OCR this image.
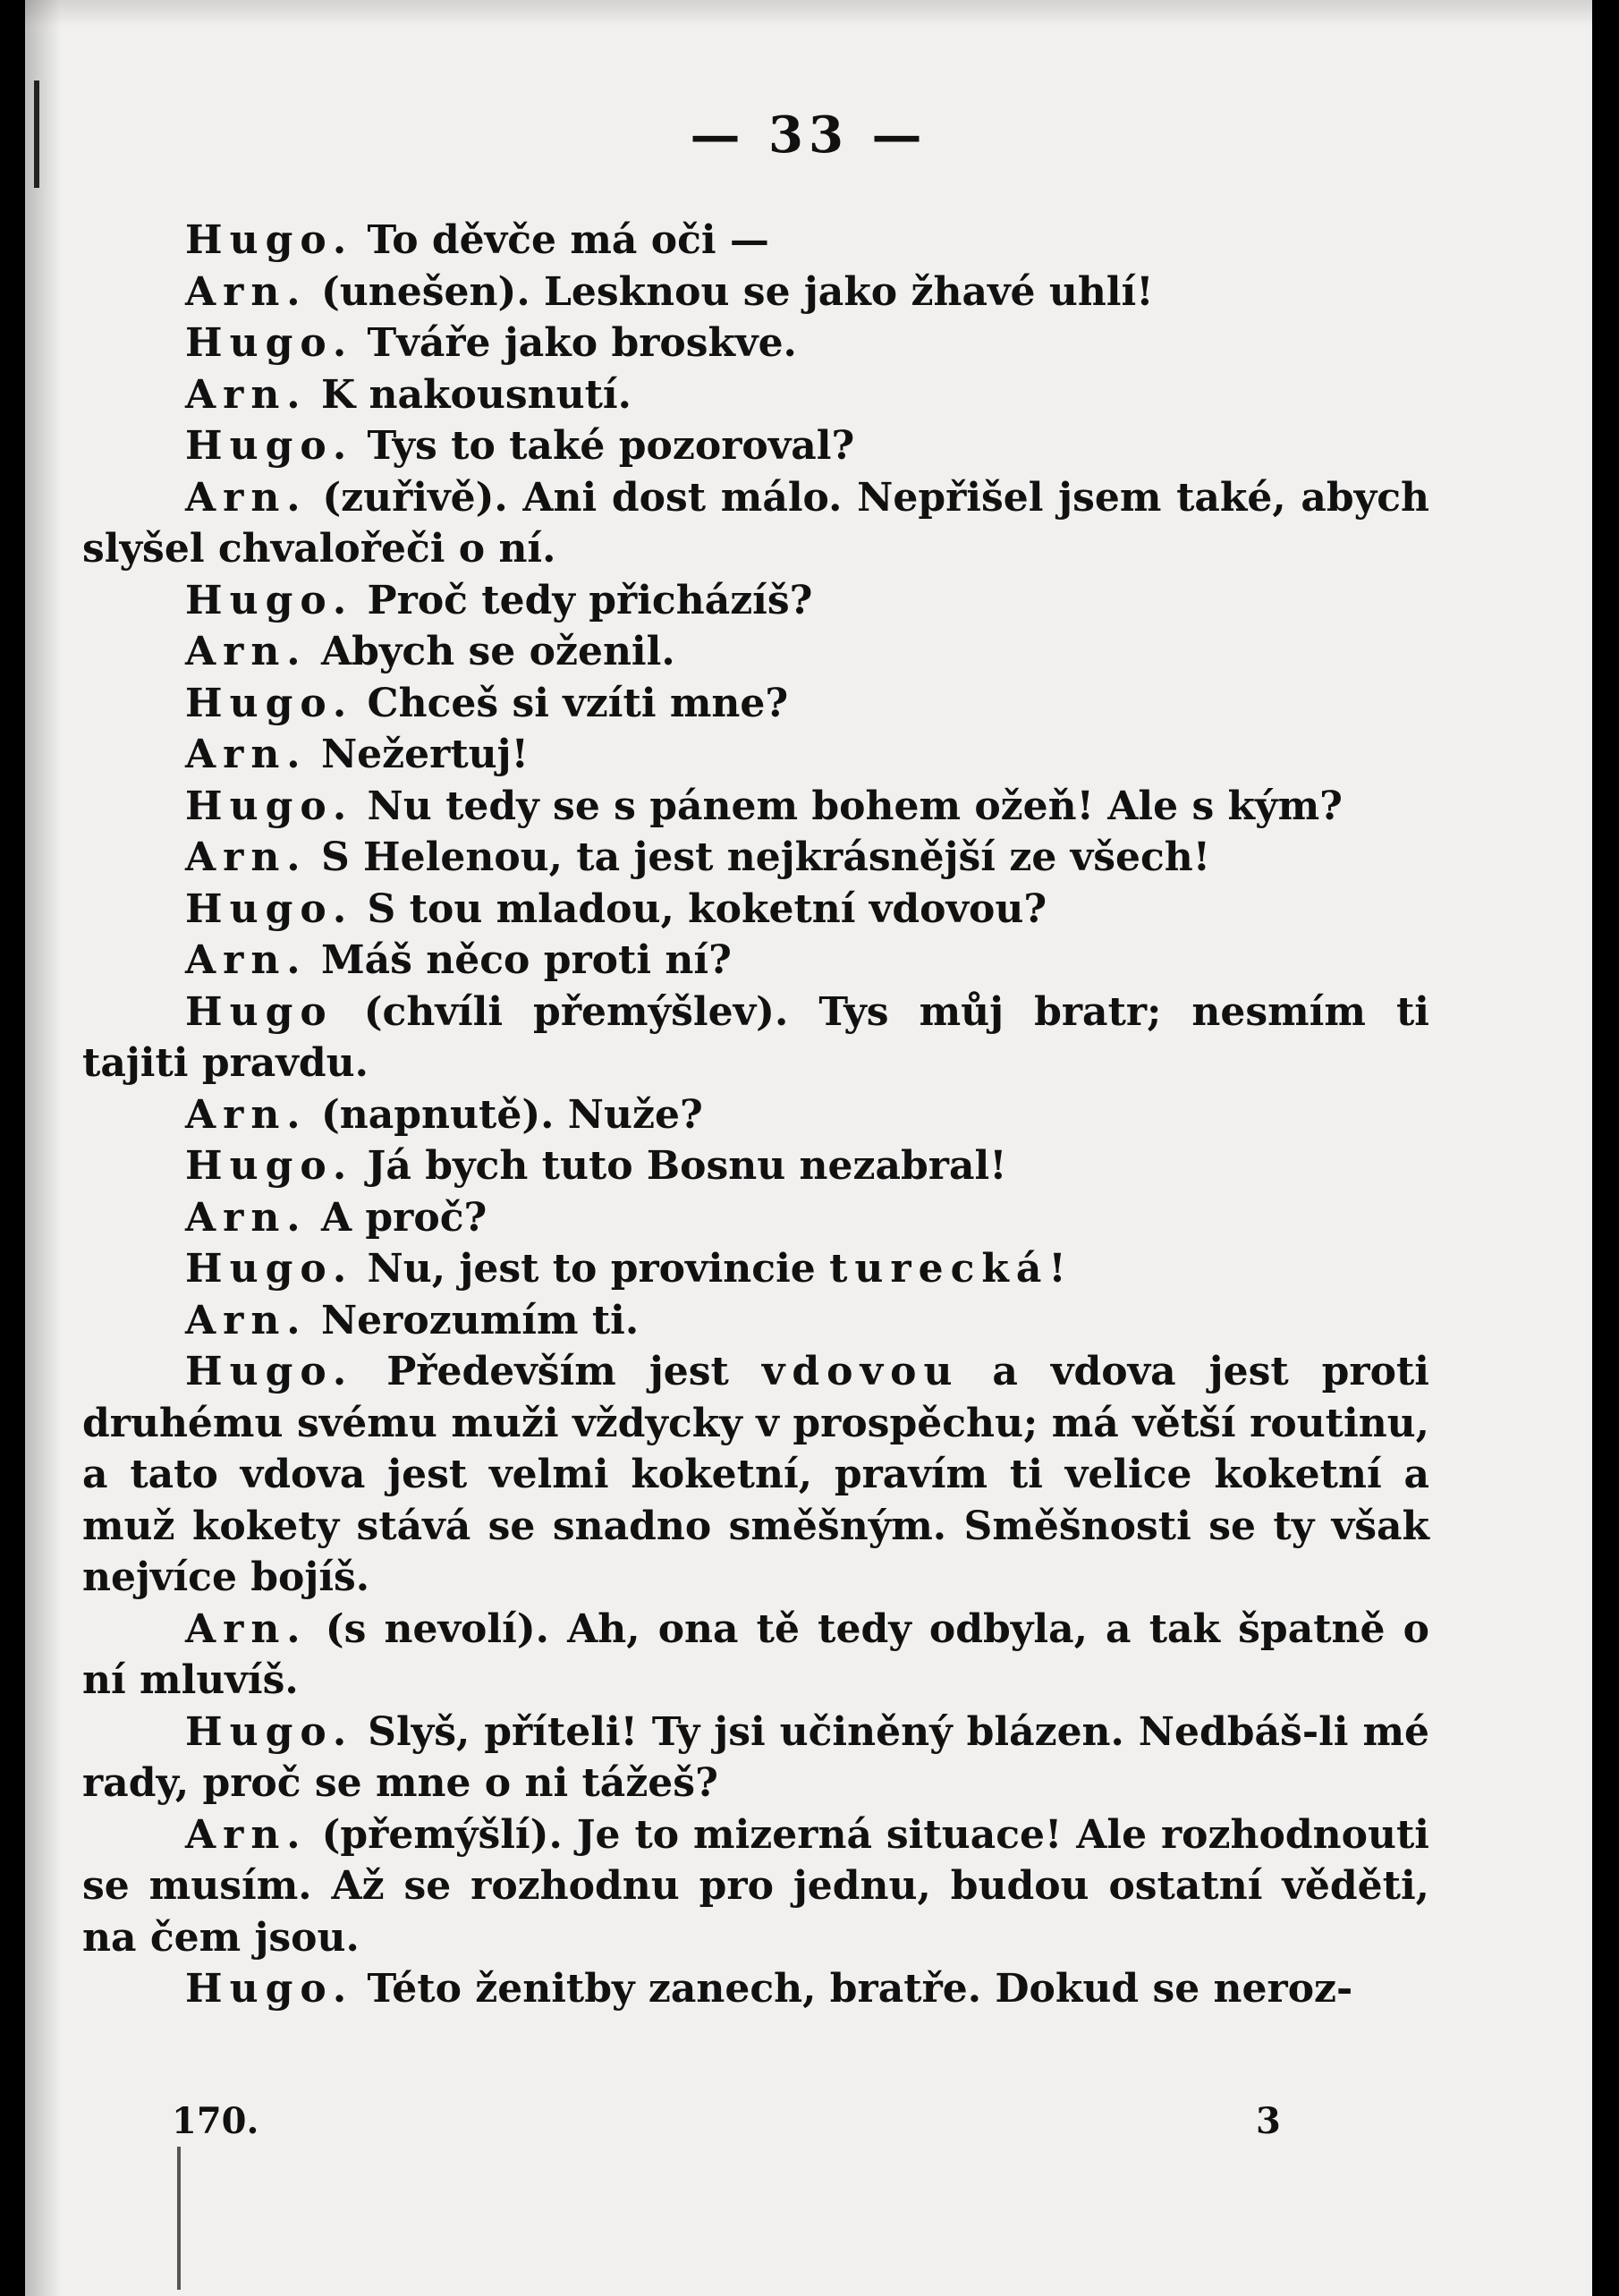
— 33 —

Hugo. To děvče má oči —

Arn. (unešen). Lesknou se jako žhavé uhlí!

Hugo. Tváře jako broskve.

Arn. K nakousnutí.

Hugo. Tys to také pozoroval?

Arn. (zuřivě). Ani dost málo. Nepřišel jsem také, abych slyšel chvalořeči o ní.

Hugo. Proč tedy přicházíš?

Arn. Abych se oženil.

Hugo. Chceš si vzíti mne?

Arn. Nežertuj!

Hugo. Nu tedy se s pánem bohem ožeň! Ale s kým?

Arn. S Helenou, ta jest nejkrásnější ze všech!

Hugo. S tou mladou, koketní vdovou?

Arn. Máš něco proti ní?

Hugo (chvíli přemýšlev). Tys můj bratr; nesmím ti tajiti pravdu.

Arn. (napnutě). Nuže?

Hugo. Já bych tuto Bosnu nezabral!

Arn. A proč?

Hugo. Nu, jest to provincie turecká!

Arn. Nerozumím ti.

Hugo. Především jest vdovou a vdova jest proti druhému svému muži vždycky v prospěchu; má větší routinu, a tato vdova jest velmi koketní, pravím ti velice koketní a muž kokety stává se snadno směšným. Směšnosti se ty však nejvíce bojíš.

Arn. (s nevolí). Ah, ona tě tedy odbyla, a tak špatně o ní mluvíš.

Hugo. Slyš, příteli! Ty jsi učiněný blázen. Nedbáš-li mé rady, proč se mne o ni tážeš?

Arn. (přemýšlí). Je to mizerná situace! Ale rozhodnouti se musím. Až se rozhodnu pro jednu, budou ostatní věděti, na čem jsou.

Hugo. Této ženitby zanech, bratře. Dokud se neroz-

170.	3
